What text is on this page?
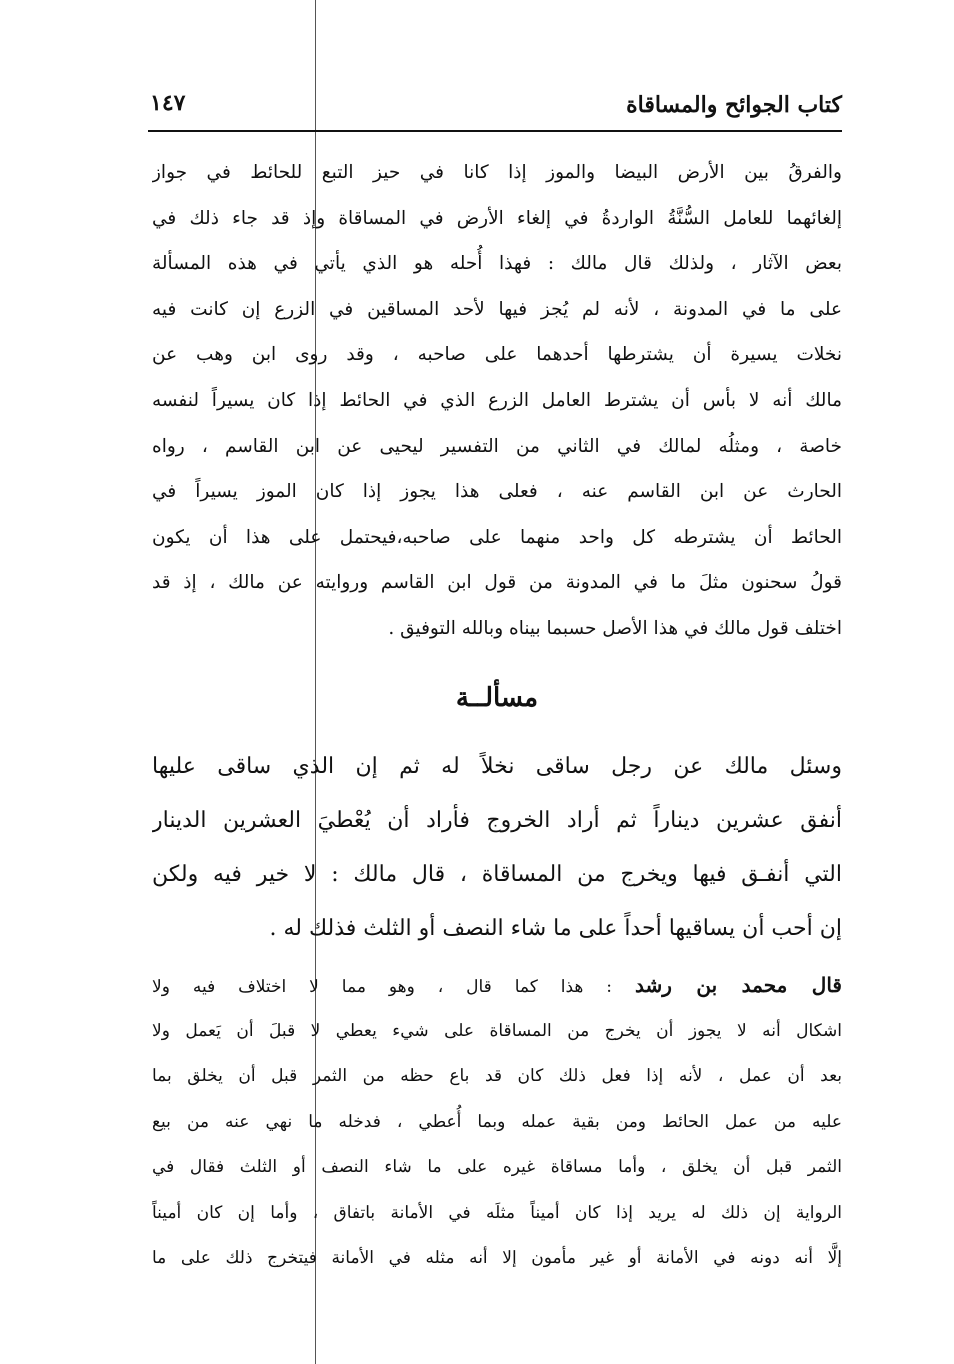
كتاب الجوائح والمساقاة
١٤٧
والفرقُ بين الأرض البيضا والموز إذا كانا في حيز التبع للحائط في جواز
إلغائهما للعامل السُّنَّةُ الواردةُ في إلغاء الأرض في المساقاة وإذ قد جاء ذلك في
بعض الآثار ، ولذلك قال مالك : فهذا أُحله هو الذي يأتي في هذه المسألة
على ما في المدونة ، لأنه لم يُجز فيها لأحد المساقين في الزرع إن كانت فيه
نخلات يسيرة أن يشترطها أحدهما على صاحبه ، وقد روى ابن وهب عن
مالك أنه لا بأس أن يشترط العامل الزرع الذي في الحائط إذا كان يسيراً لنفسه
خاصة ، ومثلُه لمالك في الثاني من التفسير ليحيى عن ابن القاسم ، رواه
الحارث عن ابن القاسم عنه ، فعلى هذا يجوز إذا كان الموز يسيراً في
الحائط أن يشترطه كل واحد منهما على صاحبه،فيحتمل على هذا أن يكون
قولُ سحنون مثلَ ما في المدونة من قول ابن القاسم وروايته عن مالك ، إذ قد
اختلف قول مالك في هذا الأصل حسبما بيناه وبالله التوفيق .
مسألــة
وسئل مالك عن رجل ساقى نخلاً له ثم إن الذي ساقى عليها
أنفق عشرين ديناراً ثم أراد الخروج فأراد أن يُعْطيَ العشرين الدينار
التي أنفـق فيها ويخرج من المساقاة ، قال مالك : لا خير فيه ولكن
إن أحب أن يساقيها أحداً على ما شاء النصف أو الثلث فذلك له .
قال محمد بن رشد : هذا كما قال ، وهو مما لا اختلاف فيه ولا
اشكال أنه لا يجوز أن يخرج من المساقاة على شيء يعطي لا قبلَ أن يَعمل ولا
بعد أن عمل ، لأنه إذا فعل ذلك كان قد باع حظه من الثمر قبل أن يخلق بما
عليه من عمل الحائط ومن بقية عمله وبما أُعطي ، فدخله ما نهي عنه من بيع
الثمر قبل أن يخلق ، وأما مساقاة غيره على ما شاء النصف أو الثلث فقال في
الرواية إن ذلك له يريد إذا كان أميناً مثلَه في الأمانة باتفاق ، وأما إن كان أميناً
إلَّا أنه دونه في الأمانة أو غير مأمون إلا أنه مثله في الأمانة فيتخرج ذلك على ما
